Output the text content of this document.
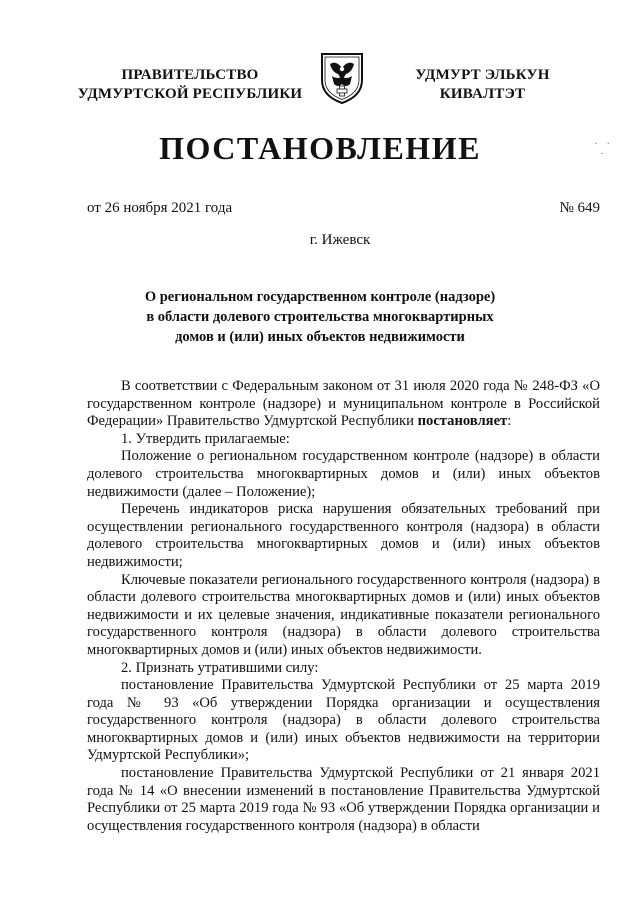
ПРАВИТЕЛЬСТВО
УДМУРТСКОЙ РЕСПУБЛИКИ
УДМУРТ ЭЛЬКУН
КИВАЛТЭТ
ПОСТАНОВЛЕНИЕ	· ·
·
от 26 ноября 2021 года	№ 649
г. Ижевск
О региональном государственном контроле (надзоре)
в области долевого строительства многоквартирных
домов и (или) иных объектов недвижимости

В соответствии с Федеральным законом от 31 июля 2020 года № 248-ФЗ «О государственном контроле (надзоре) и муниципальном контроле в Российской Федерации» Правительство Удмуртской Республики постановляет:

1. Утвердить прилагаемые:

Положение о региональном государственном контроле (надзоре) в области долевого строительства многоквартирных домов и (или) иных объектов недвижимости (далее – Положение);

Перечень индикаторов риска нарушения обязательных требований при осуществлении регионального государственного контроля (надзора) в области долевого строительства многоквартирных домов и (или) иных объектов недвижимости;

Ключевые показатели регионального государственного контроля (надзора) в области долевого строительства многоквартирных домов и (или) иных объектов недвижимости и их целевые значения, индикативные показатели регионального государственного контроля (надзора) в области долевого строительства многоквартирных домов и (или) иных объектов недвижимости.

2. Признать утратившими силу:

постановление Правительства Удмуртской Республики от 25 марта 2019 года № 93 «Об утверждении Порядка организации и осуществления государственного контроля (надзора) в области долевого строительства многоквартирных домов и (или) иных объектов недвижимости на территории Удмуртской Республики»;

постановление Правительства Удмуртской Республики от 21 января 2021 года № 14 «О внесении изменений в постановление Правительства Удмуртской Республики от 25 марта 2019 года № 93 «Об утверждении Порядка организации и осуществления государственного контроля (надзора) в области
